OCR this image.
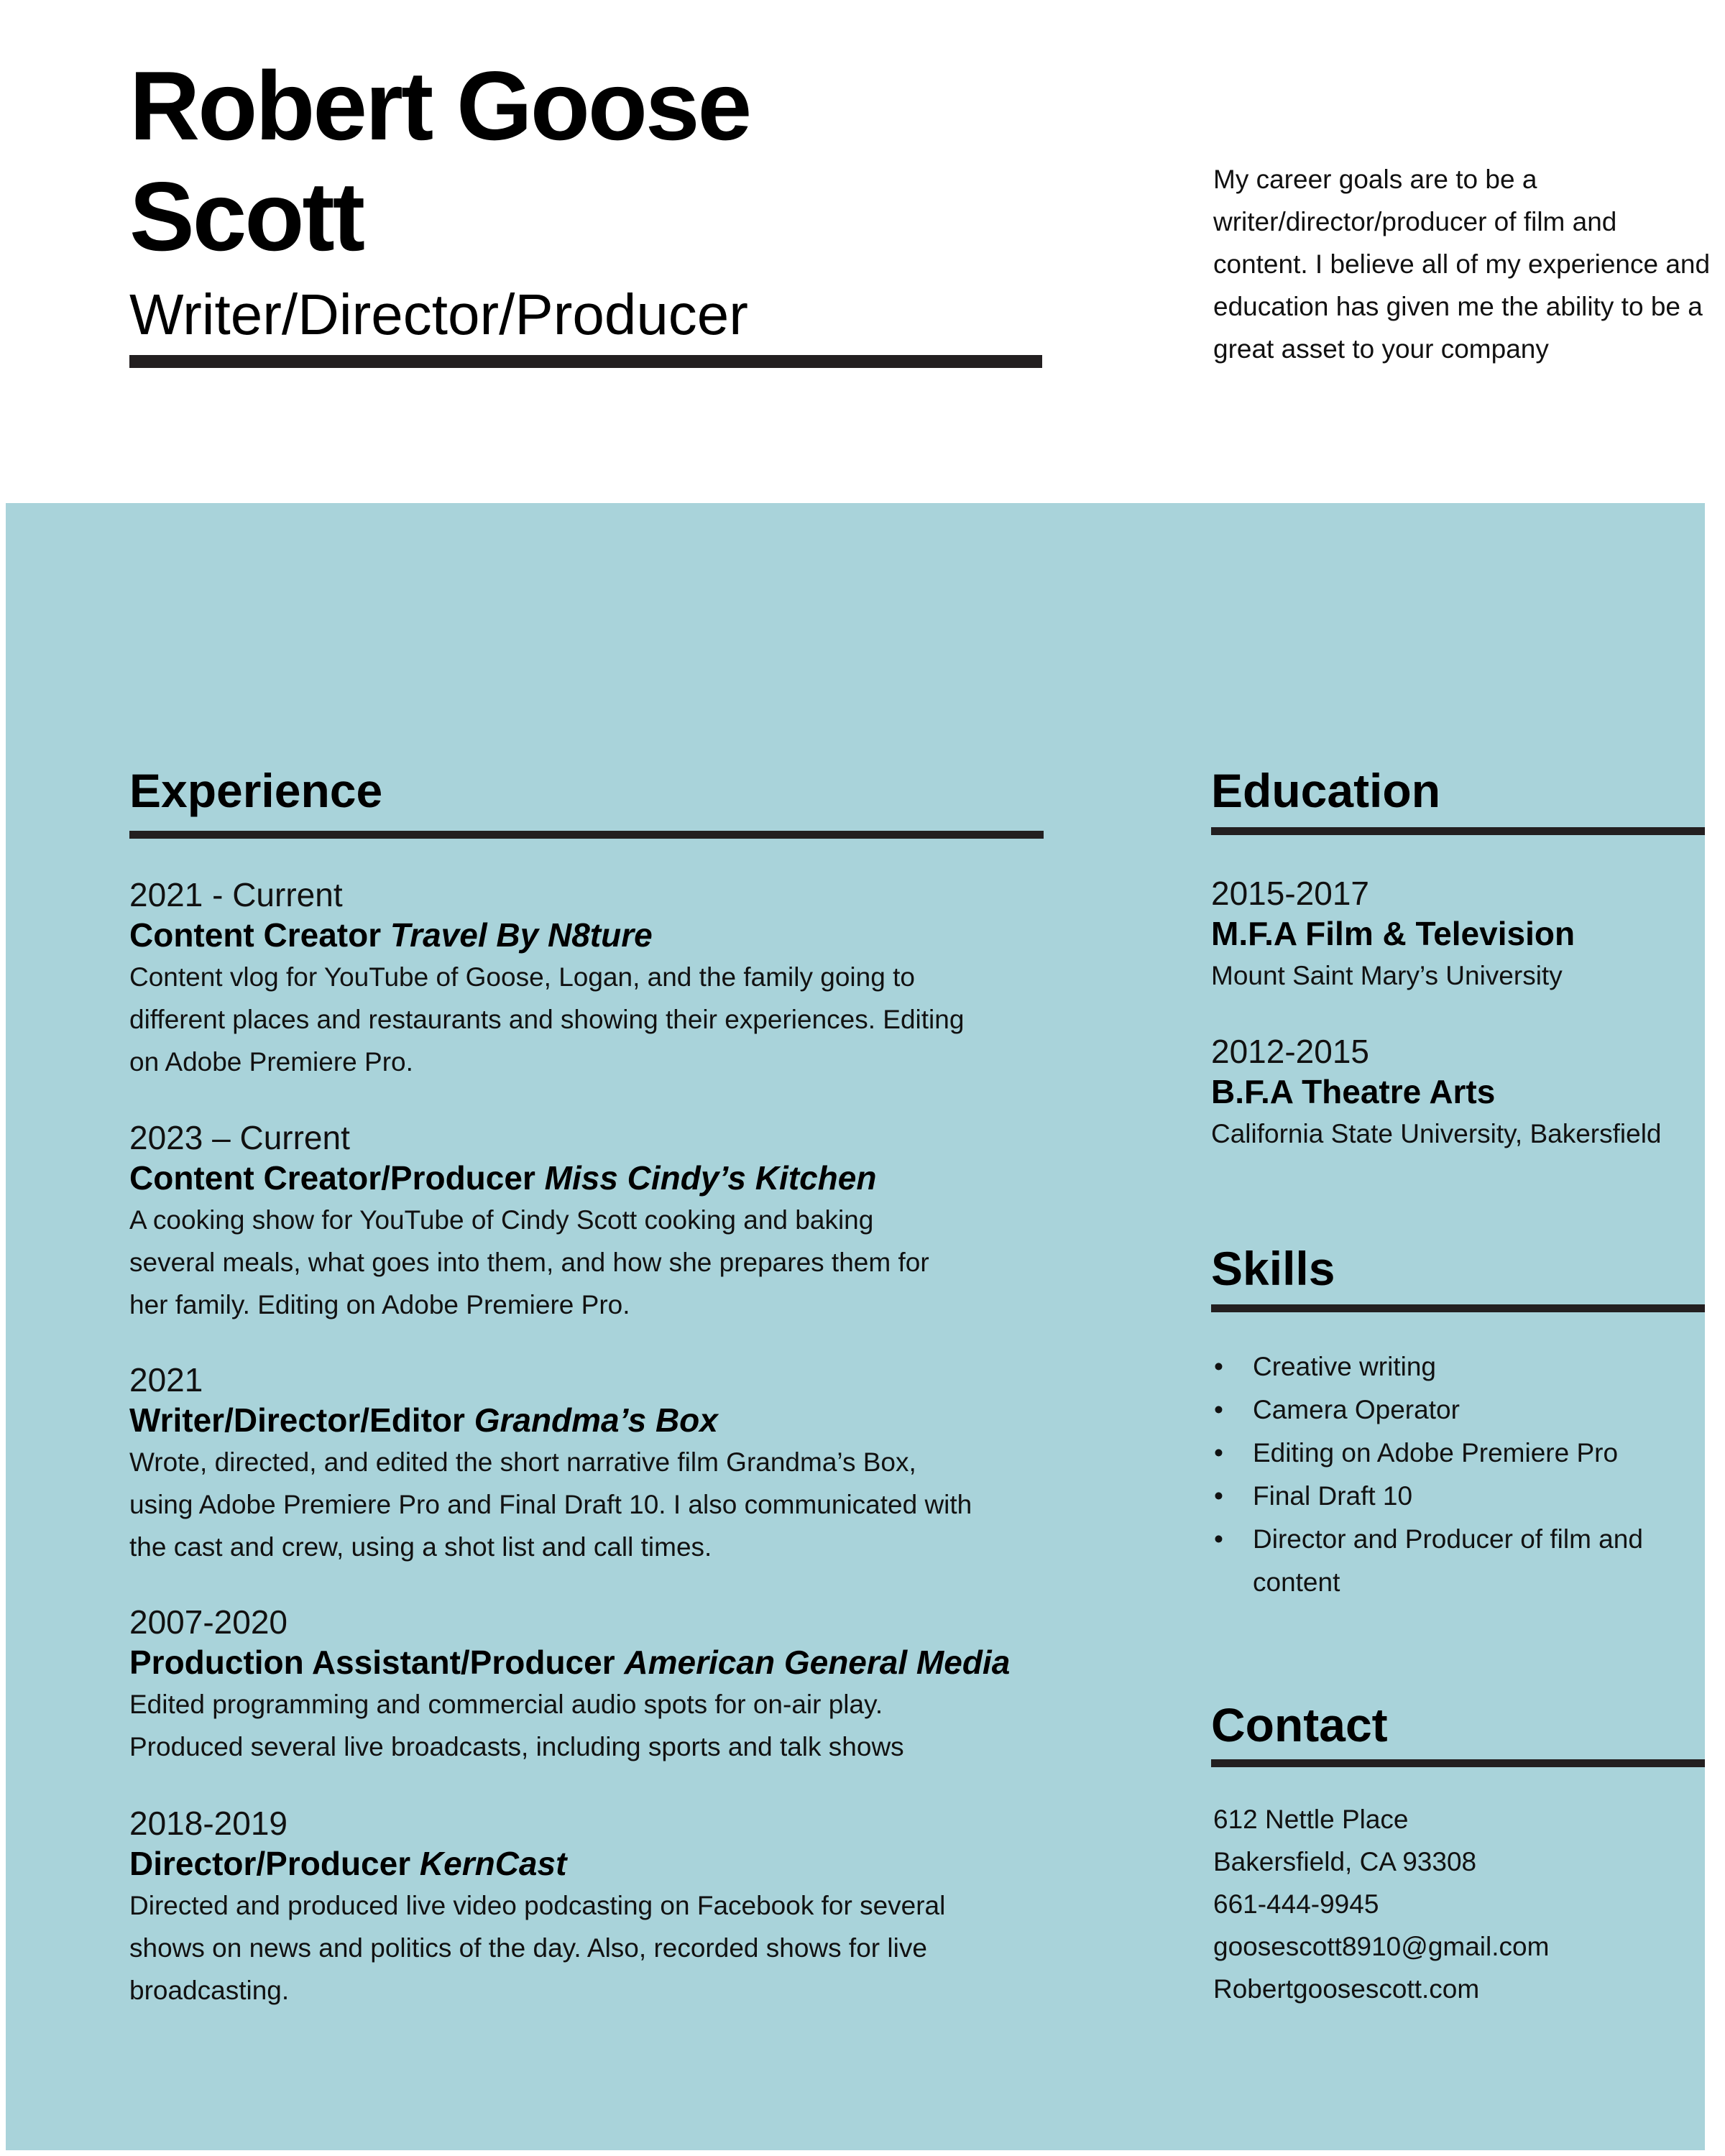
Robert Goose
Scott
Writer/Director/Producer
My career goals are to be a writer/director/producer of film and content. I believe all of my experience and education has given me the ability to be a great asset to your company
Experience
2021 - Current
Content Creator Travel By N8ture
Content vlog for YouTube of Goose, Logan, and the family going to different places and restaurants and showing their experiences. Editing on Adobe Premiere Pro.
2023 – Current
Content Creator/Producer Miss Cindy’s Kitchen
A cooking show for YouTube of Cindy Scott cooking and baking several meals, what goes into them, and how she prepares them for her family. Editing on Adobe Premiere Pro.
2021
Writer/Director/Editor Grandma’s Box
Wrote, directed, and edited the short narrative film Grandma’s Box, using Adobe Premiere Pro and Final Draft 10. I also communicated with the cast and crew, using a shot list and call times.
2007-2020
Production Assistant/Producer American General Media
Edited programming and commercial audio spots for on-air play. Produced several live broadcasts, including sports and talk shows
2018-2019
Director/Producer KernCast
Directed and produced live video podcasting on Facebook for several shows on news and politics of the day. Also, recorded shows for live broadcasting.
Education
2015-2017
M.F.A Film & Television
Mount Saint Mary’s University
2012-2015
B.F.A Theatre Arts
California State University, Bakersfield
Skills
• Creative writing
• Camera Operator
• Editing on Adobe Premiere Pro
• Final Draft 10
• Director and Producer of film and content
Contact
612 Nettle Place
Bakersfield, CA 93308
661-444-9945
goosescott8910@gmail.com
Robertgoosescott.com
